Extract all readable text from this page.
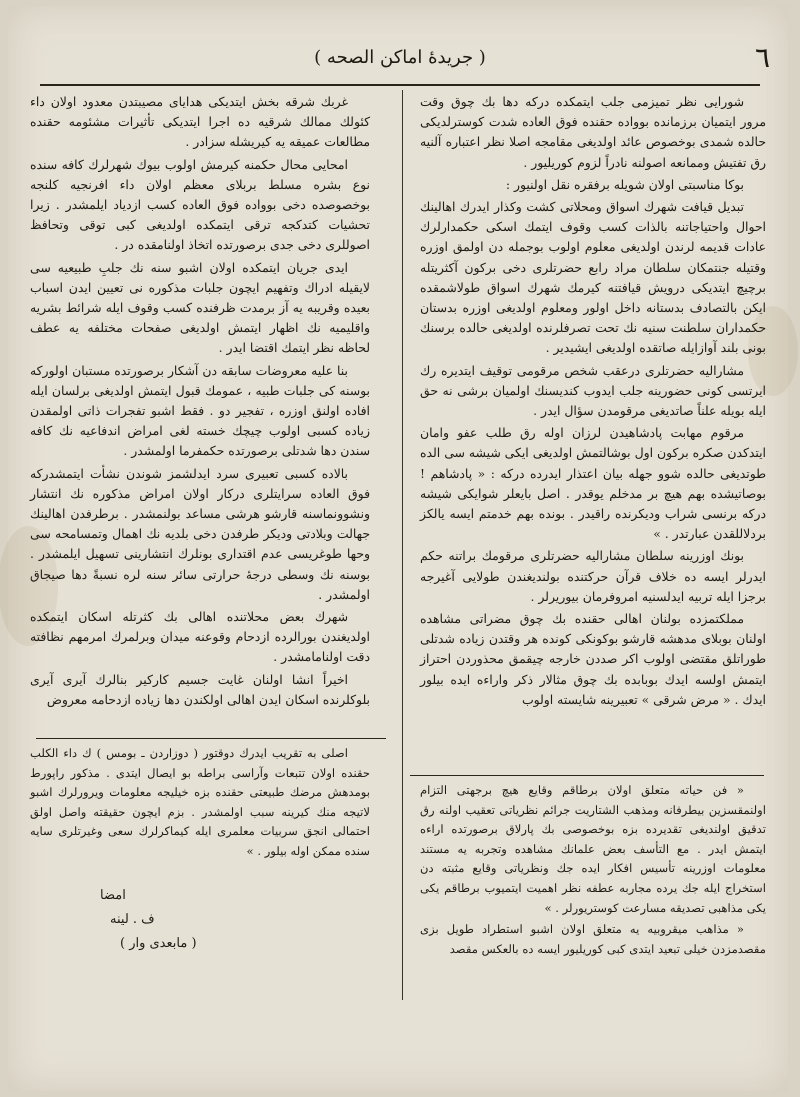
٦
( جريدهٔ اماكن الصحه )

شورایی نظر تمیزمی جلب ایتمکده درکه دها بك چوق وقت مرور ایتمیان برزمانده بوواده حقنده فوق العاده شدت کوسترلدیکی حالده شمدی بوخصوص عائد اولدیغی مقامجه اصلا نظر اعتباره آلنیه رق تفتیش وممانعه اصولنه نادراً لزوم کوریلیور .

بوکا مناسبتی اولان شویله برفقره نقل اولنیور :

تبدیل قیافت شهرك اسواق ومحلاتی کشت وکذار ایدرك اهالینك احوال واحتیاجاتنه بالذات کسب وقوف ایتمك اسکی حکمدارلرك عادات قدیمه لرندن اولدیغی معلوم اولوب بوجمله دن اولمق اوزره وقتیله جنتمکان سلطان مراد رابع حضرتلری دخی برکون آکثریتله برچیچ ایتدیکی درویش قیافتنه کیرمك شهرك اسواق طولاشمقده ایکن بالتصادف بدستانه داخل اولور ومعلوم اولدیغی اوزره بدستان حکمداران سلطنت سنیه نك تحت تصرفلرنده اولدیغی حالده برسنك بونی بلند آوازایله صاتقده اولدیغی ایشیدیر .

مشارالیه حضرتلری درعقب شخص مرقومی توقیف ایتدیره رك ایرتسی کونی حضورینه جلب ایدوب کندیسنك اولمیان برشی نه حق ایله بویله علناً صاتدیغی مرقومدن سؤال ایدر .

مرقوم مهابت پادشاهیدن لرزان اوله رق طلب عفو وامان ایتدکدن صکره برکون اول بوشالتمش اولدیغی ایکی شیشه سی الده طوتدیغی حالده شوو جهله بیان اعتذار ایدرده درکه : « پادشاهم ! بوصاتیشده بهم هیچ بر مدخلم یوقدر . اصل بایعلر شوایکی شیشه درکه برنسی شراب ودیکرنده راقیدر . بونده بهم خدمتم ایسه یالکز بردلاللقدن عبارتدر . »

بونك اوزرینه سلطان مشارالیه حضرتلری مرقومك براتنه حکم ایدرلر ایسه ده خلاف قرآن حرکتنده بولندیغندن طولایی آغیرجه برجزا ایله تربیه ایدلسنیه امروفرمان بیوریرلر .

مملکتمزده بولنان اهالی حقنده بك چوق مضراتی مشاهده اولنان بوبلای مدهشه قارشو بوکونکی کونده هر وقتدن زیاده شدتلی طوراتلق مقتضی اولوب اکر صددن خارجه چیقمق محذوردن احتراز ایتمش اولسه ایدك بوبابده بك چوق مثالار ذکر واراءه ایده بیلور ایدك . « مرض شرقی » تعبیرینه شایسته اولوب

« فن حیاته متعلق اولان برطاقم وقایع هیچ برجهتی التزام اولنمقسزین بیطرفانه ومذهب الشتاریت جرائم نظریاتی تعقیب اولنه رق تدقیق اولندیغی تقدیرده بزه بوخصوصی بك پارلاق برصورتده اراءه ایتمش ایدر . مع التأسف بعض علمانك مشاهده وتجربه یه مستند معلومات اوزرینه تأسیس افکار ایده جك ونظریاتی وقایع مثبته دن استخراج ایله جك یرده مجاربه عطفه نظر اهمیت ایتمیوب برطاقم یکی یکی مذاهبی تصدیقه مسارعت کوستریورلر . »

« مذاهب میقروبیه یه متعلق اولان اشبو استطراد طویل بزی مقصدمزدن خیلی تبعید ایتدی کبی کوریلیور ایسه ده بالعکس مقصد

غربك شرقه بخش ایتدیکی هدایای مصیبتدن معدود اولان داء کئولك ممالك شرقیه ده اجرا ایتدیکی تأثیرات مشئومه حقنده مطالعات عمیقه یه کیریشله سزادر .

امحایی محال حکمنه کیرمش اولوب بیوك شهرلرك کافه سنده نوع بشره مسلط بربلای معظم اولان داء افرنجیه کلنجه بوخصوصده دخی بوواده فوق العاده کسب ازدیاد ایلمشدر . زیرا تحشیات کتدکجه ترقی ایتمکده اولدیغی کبی توقی وتحافظ اصوللری دخی جدی برصورتده اتخاذ اولنامقده در .

ایدی جریان ایتمکده اولان اشبو سنه نك جلبِ طبیعیه سی لایقیله ادراك وتفهیم ایچون جلبات مذکوره نی تعیین ایدن اسباب بعیده وقریبه یه آز برمدت ظرفنده کسب وقوف ایله شرائط بشریه واقلیمیه نك اظهار ایتمش اولدیغی صفحات مختلفه یه عطف لحاظه نظر ایتمك اقتضا ایدر .

بنا علیه معروضات سابقه دن آشکار برصورتده مستبان اولورکه بوسنه کی جلبات طبیه ، عمومك قبول ایتمش اولدیغی برلسان ایله افاده اولنق اوزره ، تفجیر دو . فقط اشبو تفجرات ذاتی اولمقدن زیاده کسبی اولوب چیچك خسته لغی امراض اندفاعیه نك کافه سندن دها شدتلی برصورتده حکمفرما اولمشدر .

بالاده کسبی تعبیری سرد ایدلشمز شوندن نشأت ایتمشدرکه فوق العاده سرایتلری درکار اولان امراض مذکوره نك انتشار ونشوونماسنه قارشو هرشی مساعد بولنمشدر . برطرفدن اهالینك جهالت وبلادتی ودیکر طرفدن دخی بلدیه نك اهمال وتمسامحه سی وحها طوغریسی عدم اقتداری بونلرك انتشارینی تسهیل ایلمشدر . بوسنه نك وسطی درجهٔ حرارتی سائر سنه لره نسبةً دها صیجاق اولمشدر .

شهرك بعض محلاتنده اهالی بك کثرتله اسکان ایتمکده اولدیغندن بورالرده ازدحام وقوعنه میدان وبرلمرك امرمهم نظافته دقت اولنامامشدر .

اخیراً انشا اولنان غایت جسیم کارکیر بنالرك آیری آیری بلوکلرنده اسکان ایدن اهالی اولکندن دها زیاده ازدحامه معروض

اصلی به تقریب ایدرك دوقتور ( دوزاردن ـ بومس ) ك داء الکلب حقنده اولان تتبعات وآراسی براطه بو ایصال ایتدی . مذکور راپورط بومدهش مرضك طبیعتی حقنده بزه خیلیجه معلومات ویرورلرك اشبو لاتیجه منك کیرینه سبب اولمشدر . بزم ایچون حقیقته واصل اولق احتمالی انجق سربیات معلمری ایله کیماکرلرك سعی وغیرتلری سایه سنده ممکن اوله بیلور . »

امضا
ف . لینه
( مابعدی وار )
